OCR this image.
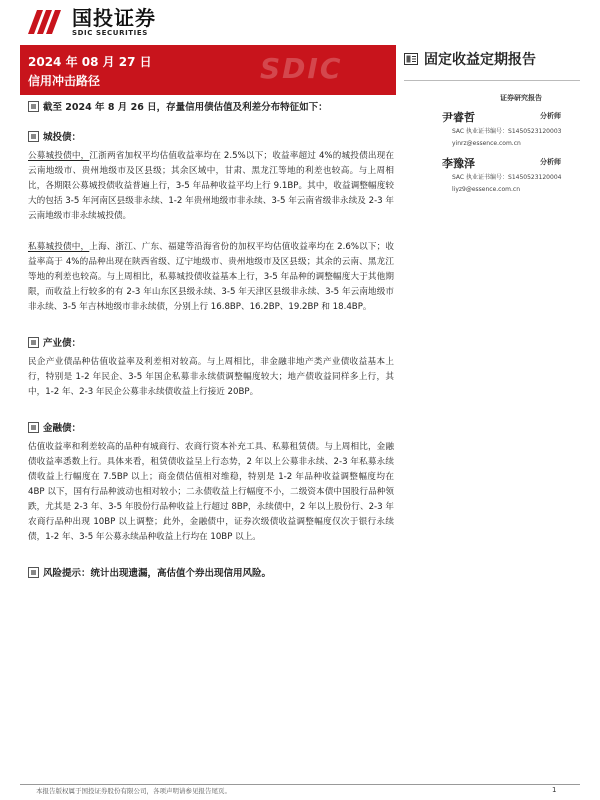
国投证券
SDIC SECURITIES
2024 年 08 月 27 日
信用冲击路径	SDIC	固定收益定期报告
证券研究报告
尹睿哲	分析师
SAC 执业证书编号：S1450523120003
yinrz@essence.com.cn
李豫泽	分析师
SAC 执业证书编号：S1450523120004
liyz9@essence.com.cn
截至 2024 年 8 月 26 日，存量信用债估值及利差分布特征如下：
城投债：
公募城投债中，江浙两省加权平均估值收益率均在 2.5%以下；收益率超过 4%的城投债出现在云南地级市、贵州地级市及区县级；其余区域中，甘肃、黑龙江等地的利差也较高。与上周相比，各期限公募城投债收益普遍上行，3-5 年品种收益平均上行 9.1BP。其中，收益调整幅度较大的包括 3-5 年河南区县级非永续、1-2 年贵州地级市非永续、3-5 年云南省级非永续及 2-3 年云南地级市非永续城投债。
私募城投债中，上海、浙江、广东、福建等沿海省份的加权平均估值收益率均在 2.6%以下；收益率高于 4%的品种出现在陕西省级、辽宁地级市、贵州地级市及区县级；其余的云南、黑龙江等地的利差也较高。与上周相比，私募城投债收益基本上行，3-5 年品种的调整幅度大于其他期限，而收益上行较多的有 2-3 年山东区县级永续、3-5 年天津区县级非永续、3-5 年云南地级市非永续、3-5 年吉林地级市非永续债，分别上行 16.8BP、16.2BP、19.2BP 和 18.4BP。
产业债：
民企产业债品种估值收益率及利差相对较高。与上周相比，非金融非地产类产业债收益基本上行，特别是 1-2 年民企、3-5 年国企私募非永续债调整幅度较大；地产债收益同样多上行，其中，1-2 年、2-3 年民企公募非永续债收益上行接近 20BP。
金融债：
估值收益率和利差较高的品种有城商行、农商行资本补充工具、私募租赁债。与上周相比，金融债收益率悉数上行。具体来看，租赁债收益呈上行态势，2 年以上公募非永续、2-3 年私募永续债收益上行幅度在 7.5BP 以上；商金债估值相对维稳，特别是 1-2 年品种收益调整幅度均在 4BP 以下，国有行品种波动也相对较小；二永债收益上行幅度不小，二级资本债中国股行品种领跌，尤其是 2-3 年、3-5 年股份行品种收益上行超过 8BP，永续债中，2 年以上股份行、2-3 年农商行品种出现 10BP 以上调整；此外，金融债中，证券次级债收益调整幅度仅次于银行永续债，1-2 年、3-5 年公募永续品种收益上行均在 10BP 以上。
风险提示：统计出现遗漏，高估值个券出现信用风险。
本报告版权属于国投证券股份有限公司，各项声明请参见报告尾页。	1
